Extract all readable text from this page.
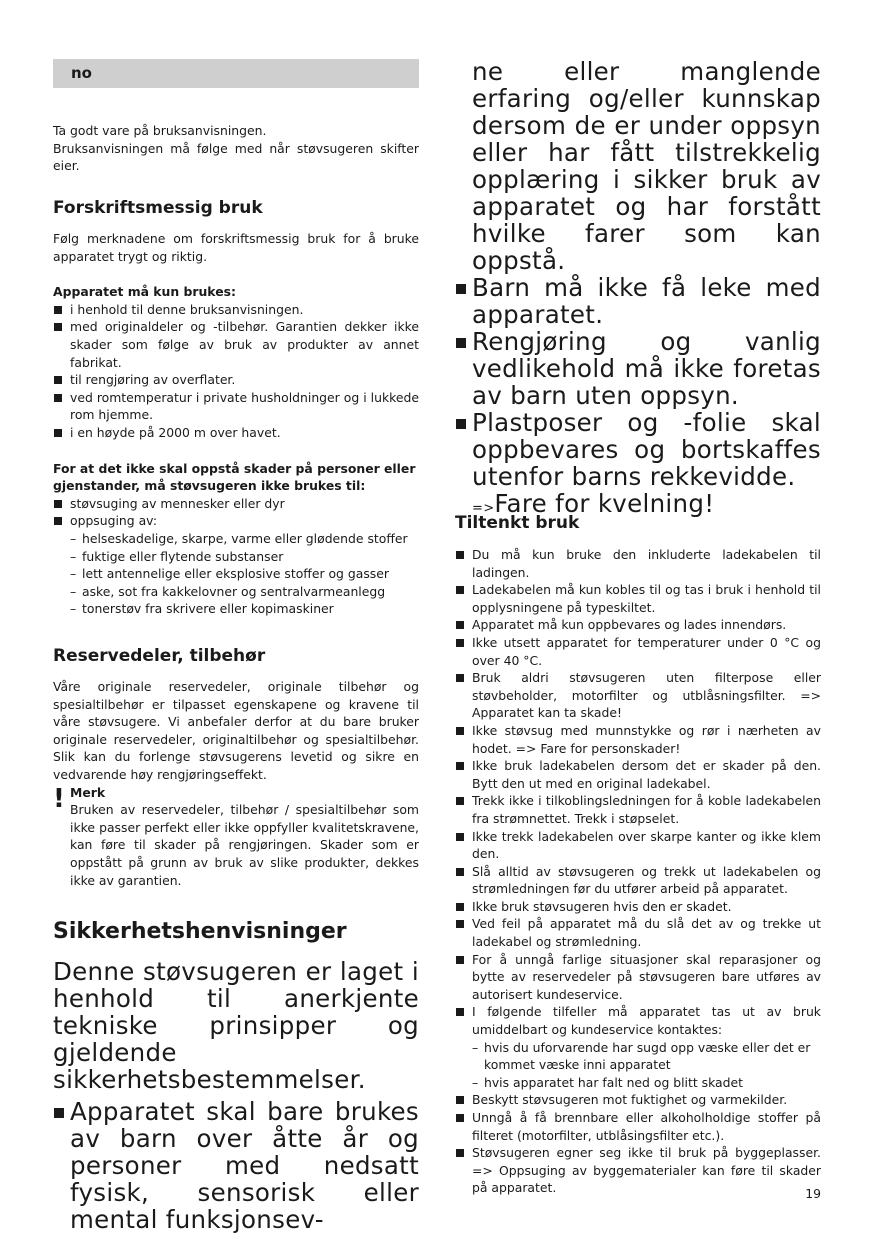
no

Ta godt vare på bruksanvisningen.

Bruksanvisningen må følge med når støvsugeren skifter eier.

Forskriftsmessig bruk

Følg merknadene om forskriftsmessig bruk for å bruke apparatet trygt og riktig.

Apparatet må kun brukes:

i henhold til denne bruksanvisningen.
med originaldeler og -tilbehør. Garantien dekker ikke skader som følge av bruk av produkter av annet fabrikat.
til rengjøring av overflater.
ved romtemperatur i private husholdninger og i lukkede rom hjemme.
i en høyde på 2000 m over havet.

For at det ikke skal oppstå skader på personer eller gjenstander, må støvsugeren ikke brukes til:

støvsuging av mennesker eller dyr
oppsuging av:
– helseskadelige, skarpe, varme eller glødende stoffer
– fuktige eller flytende substanser
– lett antennelige eller eksplosive stoffer og gasser
– aske, sot fra kakkelovner og sentralvarmeanlegg
– tonerstøv fra skrivere eller kopimaskiner
Reservedeler, tilbehør

Våre originale reservedeler, originale tilbehør og spesialtilbehør er tilpasset egenskapene og kravene til våre støvsugere. Vi anbefaler derfor at du bare bruker originale reservedeler, originaltilbehør og spesialtilbehør. Slik kan du forlenge støvsugerens levetid og sikre en vedvarende høy rengjøringseffekt.

! Merk

Bruken av reservedeler, tilbehør / spesialtilbehør som ikke passer perfekt eller ikke oppfyller kvalitetskravene, kan føre til skader på rengjøringen. Skader som er oppstått på grunn av bruk av slike produkter, dekkes ikke av garantien.

Sikkerhetshenvisninger

Denne støvsugeren er laget i henhold til anerkjente tekniske prinsipper og gjeldende sikkerhetsbestemmelser.

Apparatet skal bare brukes av barn over åtte år og personer med nedsatt fysisk, sensorisk eller mental funksjonsev-

ne eller manglende erfaring og/eller kunnskap dersom de er under oppsyn eller har fått tilstrekkelig opplæring i sikker bruk av apparatet og har forstått hvilke farer som kan oppstå.

Barn må ikke få leke med apparatet.
Rengjøring og vanlig vedlikehold må ikke foretas av barn uten oppsyn.
Plastposer og -folie skal oppbevares og bortskaffes utenfor barns rekkevidde.

=>Fare for kvelning!

Tiltenkt bruk
Du må kun bruke den inkluderte ladekabelen til ladingen.
Ladekabelen må kun kobles til og tas i bruk i henhold til opplysningene på typeskiltet.
Apparatet må kun oppbevares og lades innendørs.
Ikke utsett apparatet for temperaturer under 0 °C og over 40 °C.
Bruk aldri støvsugeren uten filterpose eller støvbeholder, motorfilter og utblåsningsfilter. => Apparatet kan ta skade!
Ikke støvsug med munnstykke og rør i nærheten av hodet. => Fare for personskader!
Ikke bruk ladekabelen dersom det er skader på den. Bytt den ut med en original ladekabel.
Trekk ikke i tilkoblingsledningen for å koble ladekabelen fra strømnettet. Trekk i støpselet.
Ikke trekk ladekabelen over skarpe kanter og ikke klem den.
Slå alltid av støvsugeren og trekk ut ladekabelen og strømledningen før du utfører arbeid på apparatet.
Ikke bruk støvsugeren hvis den er skadet.
Ved feil på apparatet må du slå det av og trekke ut ladekabel og strømledning.
For å unngå farlige situasjoner skal reparasjoner og bytte av reservedeler på støvsugeren bare utføres av autorisert kundeservice.
I følgende tilfeller må apparatet tas ut av bruk umiddelbart og kundeservice kontaktes:
– hvis du uforvarende har sugd opp væske eller det er kommet væske inni apparatet
– hvis apparatet har falt ned og blitt skadet
Beskytt støvsugeren mot fuktighet og varmekilder.
Unngå å få brennbare eller alkoholholdige stoffer på filteret (motorfilter, utblåsingsfilter etc.).
Støvsugeren egner seg ikke til bruk på byggeplasser. => Oppsuging av byggematerialer kan føre til skader på apparatet.	19
